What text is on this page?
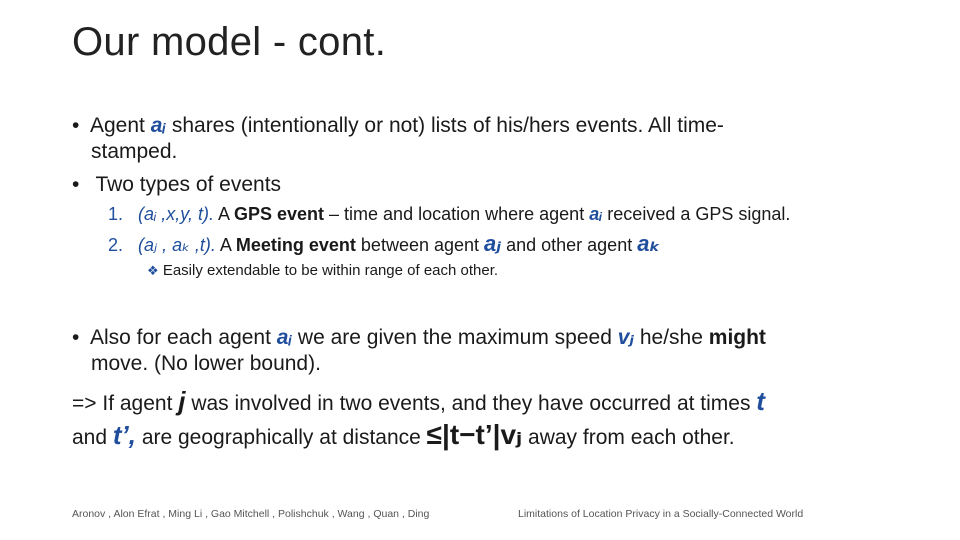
Our model - cont.
• Agent aᵢ shares (intentionally or not) lists of his/hers events. All time-
stamped.
• Two types of events
1. (aᵢ ,x,y, t). A GPS event – time and location where agent aᵢ received a GPS signal.
2. (aⱼ , aₖ ,t). A Meeting event between agent aⱼ and other agent aₖ
❖ Easily extendable to be within range of each other.
• Also for each agent aᵢ we are given the maximum speed vⱼ he/she might
move. (No lower bound).
=> If agent j was involved in two events, and they have occurred at times t
and t’, are geographically at distance ≤|t−t’|vⱼ away from each other.
Aronov , Alon Efrat , Ming Li , Gao Mitchell , Polishchuk , Wang , Quan , Ding	Limitations of Location Privacy in a Socially-Connected World
